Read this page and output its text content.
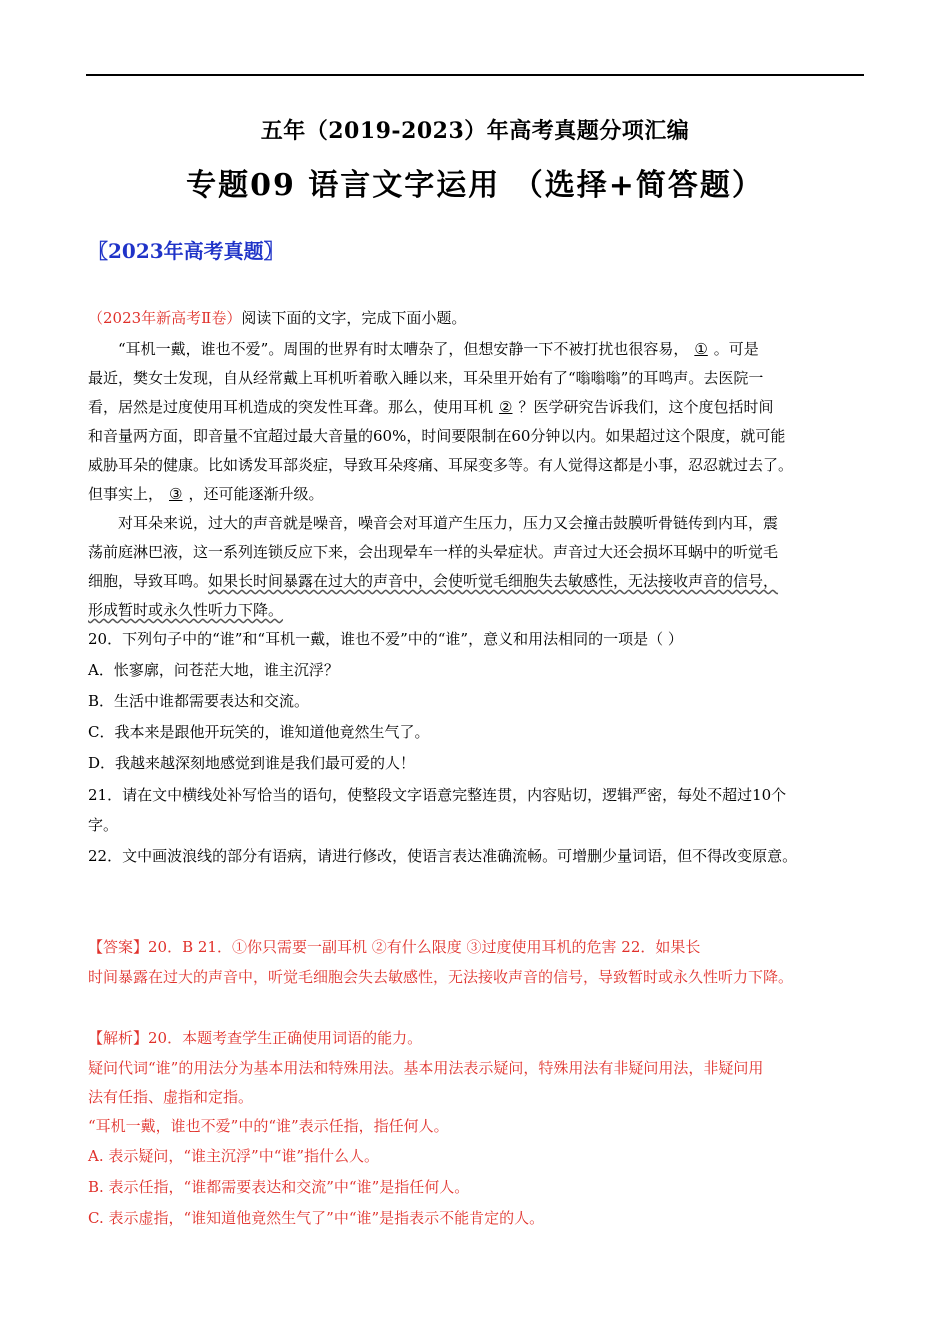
五年（2019-2023）年高考真题分项汇编
专题09 语言文字运用 （选择+简答题）
〖2023年高考真题〗
（2023年新高考Ⅱ卷）阅读下面的文字，完成下面小题。
“耳机一戴，谁也不爱”。周围的世界有时太嘈杂了，但想安静一下不被打扰也很容易， ① 。可是
最近，樊女士发现，自从经常戴上耳机听着歌入睡以来，耳朵里开始有了“嗡嗡嗡”的耳鸣声。去医院一
看，居然是过度使用耳机造成的突发性耳聋。那么，使用耳机 ② ？医学研究告诉我们，这个度包括时间
和音量两方面，即音量不宜超过最大音量的60%，时间要限制在60分钟以内。如果超过这个限度，就可能
威胁耳朵的健康。比如诱发耳部炎症，导致耳朵疼痛、耳屎变多等。有人觉得这都是小事，忍忍就过去了。
但事实上， ③ ，还可能逐渐升级。
对耳朵来说，过大的声音就是噪音，噪音会对耳道产生压力，压力又会撞击鼓膜听骨链传到内耳，震
荡前庭淋巴液，这一系列连锁反应下来，会出现晕车一样的头晕症状。声音过大还会损坏耳蜗中的听觉毛
细胞，导致耳鸣。如果长时间暴露在过大的声音中，会使听觉毛细胞失去敏感性，无法接收声音的信号，
形成暂时或永久性听力下降。
20．下列句子中的“谁”和“耳机一戴，谁也不爱”中的“谁”，意义和用法相同的一项是（ ）
A．怅寥廓，问苍茫大地，谁主沉浮？
B．生活中谁都需要表达和交流。
C．我本来是跟他开玩笑的，谁知道他竟然生气了。
D．我越来越深刻地感觉到谁是我们最可爱的人！
21．请在文中横线处补写恰当的语句，使整段文字语意完整连贯，内容贴切，逻辑严密，每处不超过10个
字。
22．文中画波浪线的部分有语病，请进行修改，使语言表达准确流畅。可增删少量词语，但不得改变原意。
【答案】20．B 21．①你只需要一副耳机 ②有什么限度 ③过度使用耳机的危害 22．如果长
时间暴露在过大的声音中，听觉毛细胞会失去敏感性，无法接收声音的信号，导致暂时或永久性听力下降。
【解析】20．本题考查学生正确使用词语的能力。
疑问代词“谁”的用法分为基本用法和特殊用法。基本用法表示疑问，特殊用法有非疑问用法，非疑问用
法有任指、虚指和定指。
“耳机一戴，谁也不爱”中的“谁”表示任指，指任何人。
A. 表示疑问，“谁主沉浮”中“谁”指什么人。
B. 表示任指，“谁都需要表达和交流”中“谁”是指任何人。
C. 表示虚指，“谁知道他竟然生气了”中“谁”是指表示不能肯定的人。
